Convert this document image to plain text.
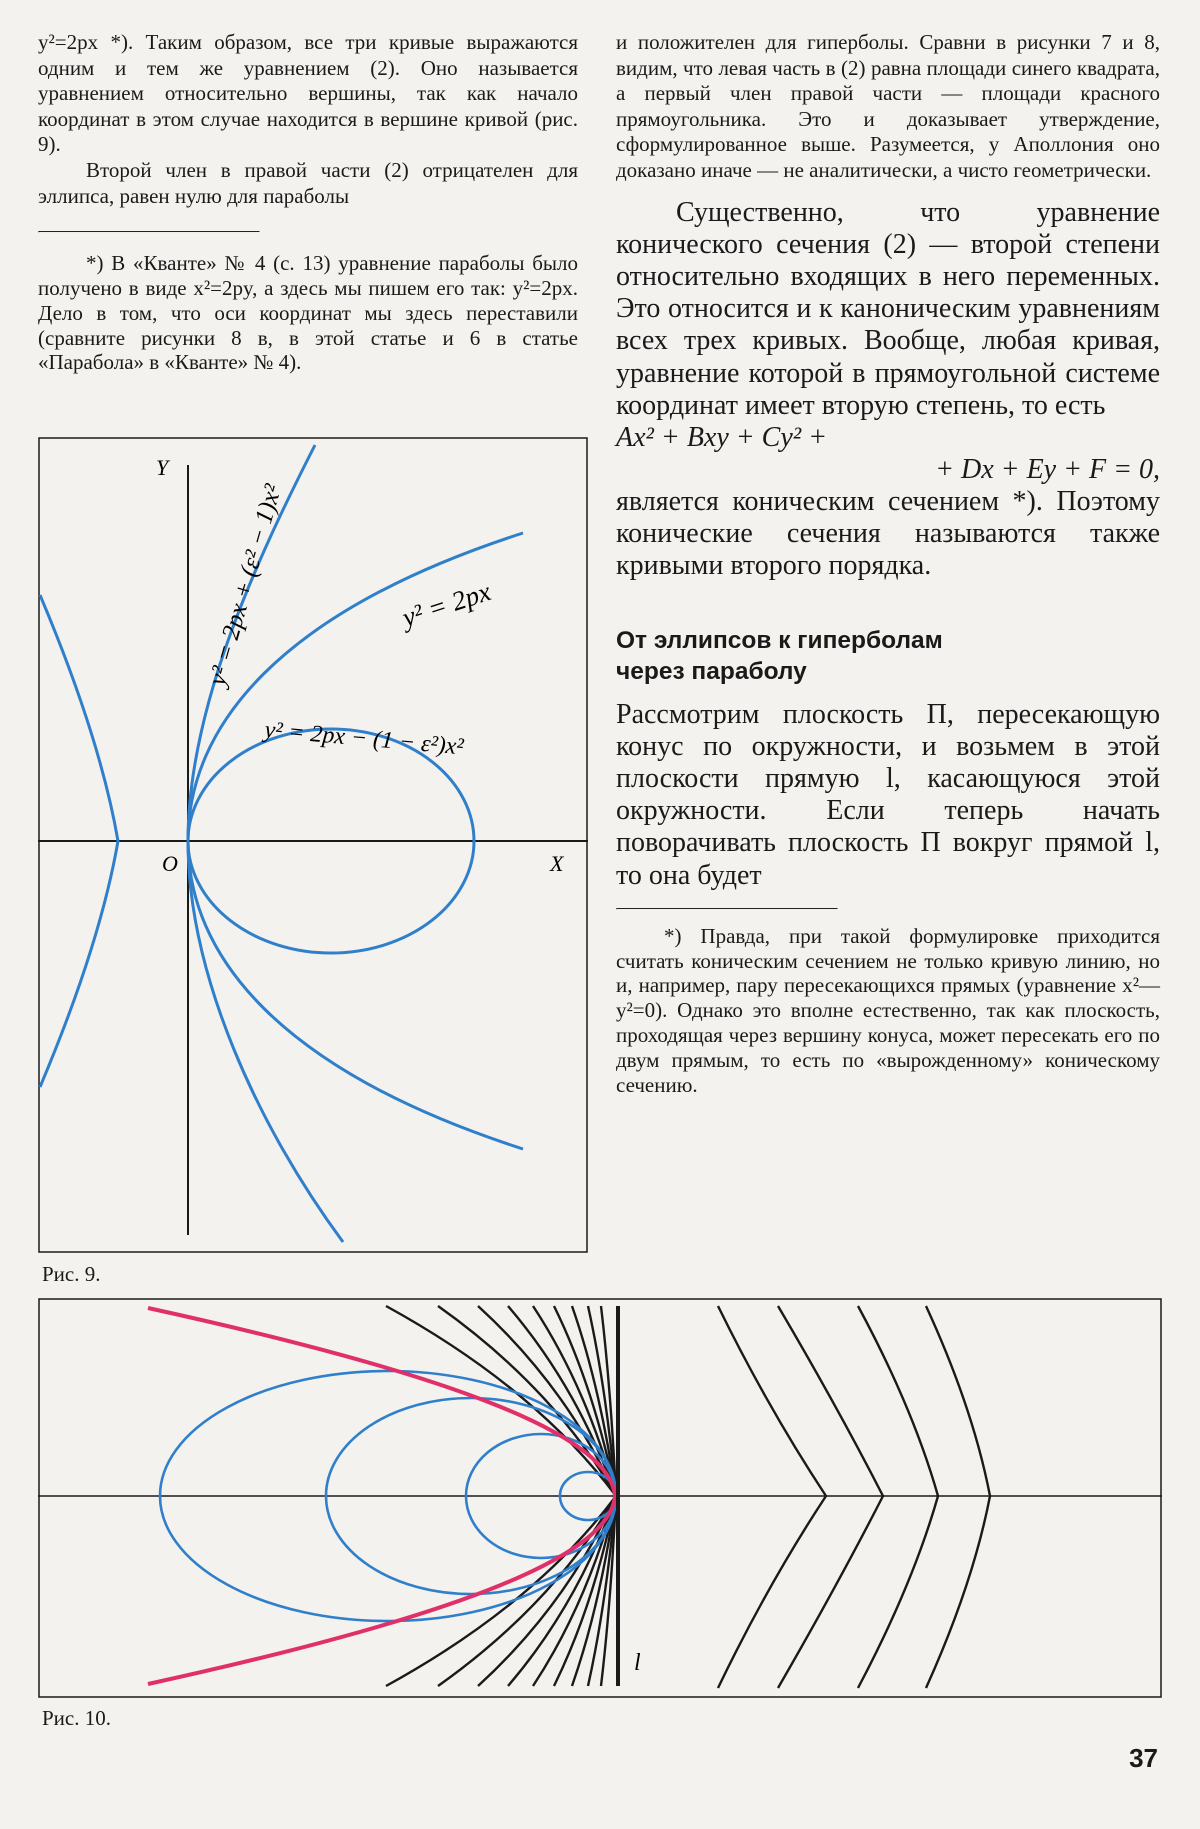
y²=2px *). Таким образом, все три кривые выражаются одним и тем же уравнением (2). Оно называется уравнением относительно вершины, так как начало координат в этом случае находится в вершине кривой (рис. 9).

Второй член в правой части (2) отрицателен для эллипса, равен нулю для параболы

*) В «Кванте» № 4 (с. 13) уравнение параболы было получено в виде x²=2py, а здесь мы пишем его так: y²=2px. Дело в том, что оси координат мы здесь переставили (сравните рисунки 8 в, в этой статье и 6 в статье «Парабола» в «Кванте» № 4).

Y
X
O
y² = 2px + (ε² − 1)x²	y² = 2px
y² = 2px − (1 − ε²)x²
Рис. 9.

и положителен для гиперболы. Сравни в рисунки 7 и 8, видим, что левая часть в (2) равна площади синего квадрата, а первый член правой части — площади красного прямоугольника. Это и доказывает утверждение, сформулированное выше. Разумеется, у Аполлония оно доказано иначе — не аналитически, а чисто геометрически.

Существенно, что уравнение конического сечения (2) — второй степени относительно входящих в него переменных. Это относится и к каноническим уравнениям всех трех кривых. Вообще, любая кривая, уравнение которой в прямоугольной системе координат имеет вторую степень, то есть

Ax² + Bxy + Cy² +
+ Dx + Ey + F = 0,

является коническим сечением *). Поэтому конические сечения называются также кривыми второго порядка.

От эллипсов к гиперболам
через параболу

Рассмотрим плоскость П, пересекающую конус по окружности, и возьмем в этой плоскости прямую l, касающуюся этой окружности. Если теперь начать поворачивать плоскость П вокруг прямой l, то она будет

*) Правда, при такой формулировке приходится считать коническим сечением не только кривую линию, но и, например, пару пересекающихся прямых (уравнение x²—y²=0). Однако это вполне естественно, так как плоскость, проходящая через вершину конуса, может пересекать его по двум прямым, то есть по «вырожденному» коническому сечению.

l
Рис. 10.
37
